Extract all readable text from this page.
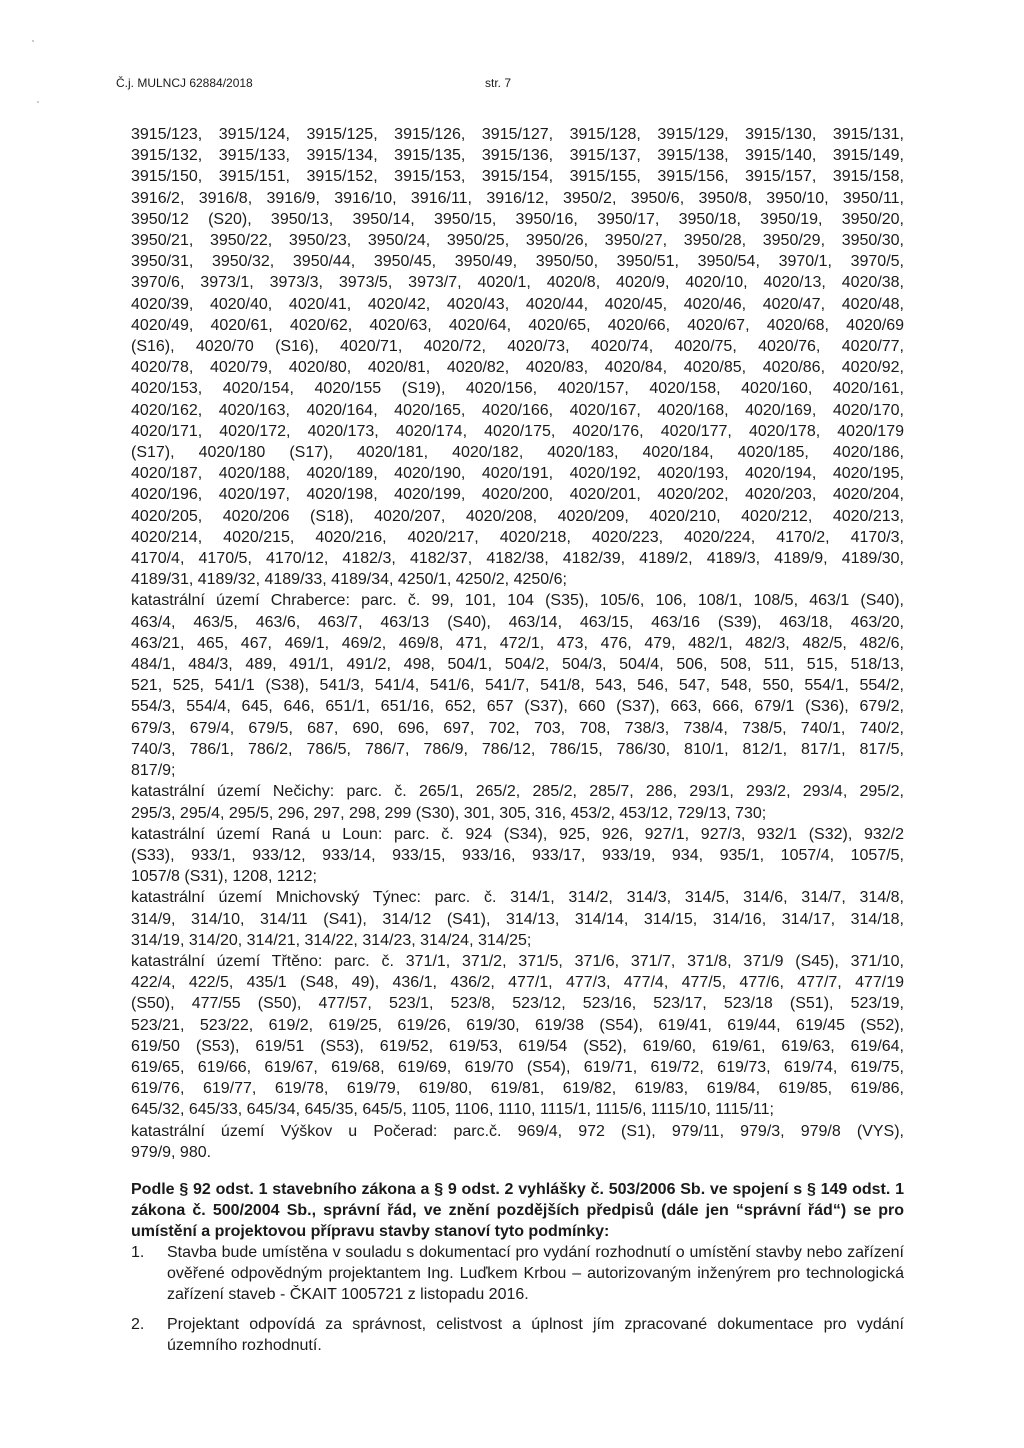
Č.j. MULNCJ 62884/2018	str. 7
3915/123, 3915/124, 3915/125, 3915/126, 3915/127, 3915/128, 3915/129, 3915/130, 3915/131,
3915/132, 3915/133, 3915/134, 3915/135, 3915/136, 3915/137, 3915/138, 3915/140, 3915/149,
3915/150, 3915/151, 3915/152, 3915/153, 3915/154, 3915/155, 3915/156, 3915/157, 3915/158,
3916/2, 3916/8, 3916/9, 3916/10, 3916/11, 3916/12, 3950/2, 3950/6, 3950/8, 3950/10, 3950/11,
3950/12 (S20), 3950/13, 3950/14, 3950/15, 3950/16, 3950/17, 3950/18, 3950/19, 3950/20,
3950/21, 3950/22, 3950/23, 3950/24, 3950/25, 3950/26, 3950/27, 3950/28, 3950/29, 3950/30,
3950/31, 3950/32, 3950/44, 3950/45, 3950/49, 3950/50, 3950/51, 3950/54, 3970/1, 3970/5,
3970/6, 3973/1, 3973/3, 3973/5, 3973/7, 4020/1, 4020/8, 4020/9, 4020/10, 4020/13, 4020/38,
4020/39, 4020/40, 4020/41, 4020/42, 4020/43, 4020/44, 4020/45, 4020/46, 4020/47, 4020/48,
4020/49, 4020/61, 4020/62, 4020/63, 4020/64, 4020/65, 4020/66, 4020/67, 4020/68, 4020/69
(S16), 4020/70 (S16), 4020/71, 4020/72, 4020/73, 4020/74, 4020/75, 4020/76, 4020/77,
4020/78, 4020/79, 4020/80, 4020/81, 4020/82, 4020/83, 4020/84, 4020/85, 4020/86, 4020/92,
4020/153, 4020/154, 4020/155 (S19), 4020/156, 4020/157, 4020/158, 4020/160, 4020/161,
4020/162, 4020/163, 4020/164, 4020/165, 4020/166, 4020/167, 4020/168, 4020/169, 4020/170,
4020/171, 4020/172, 4020/173, 4020/174, 4020/175, 4020/176, 4020/177, 4020/178, 4020/179
(S17), 4020/180 (S17), 4020/181, 4020/182, 4020/183, 4020/184, 4020/185, 4020/186,
4020/187, 4020/188, 4020/189, 4020/190, 4020/191, 4020/192, 4020/193, 4020/194, 4020/195,
4020/196, 4020/197, 4020/198, 4020/199, 4020/200, 4020/201, 4020/202, 4020/203, 4020/204,
4020/205, 4020/206 (S18), 4020/207, 4020/208, 4020/209, 4020/210, 4020/212, 4020/213,
4020/214, 4020/215, 4020/216, 4020/217, 4020/218, 4020/223, 4020/224, 4170/2, 4170/3,
4170/4, 4170/5, 4170/12, 4182/3, 4182/37, 4182/38, 4182/39, 4189/2, 4189/3, 4189/9, 4189/30,
4189/31, 4189/32, 4189/33, 4189/34, 4250/1, 4250/2, 4250/6;
katastrální území Chraberce: parc. č. 99, 101, 104 (S35), 105/6, 106, 108/1, 108/5, 463/1 (S40),
463/4, 463/5, 463/6, 463/7, 463/13 (S40), 463/14, 463/15, 463/16 (S39), 463/18, 463/20,
463/21, 465, 467, 469/1, 469/2, 469/8, 471, 472/1, 473, 476, 479, 482/1, 482/3, 482/5, 482/6,
484/1, 484/3, 489, 491/1, 491/2, 498, 504/1, 504/2, 504/3, 504/4, 506, 508, 511, 515, 518/13,
521, 525, 541/1 (S38), 541/3, 541/4, 541/6, 541/7, 541/8, 543, 546, 547, 548, 550, 554/1, 554/2,
554/3, 554/4, 645, 646, 651/1, 651/16, 652, 657 (S37), 660 (S37), 663, 666, 679/1 (S36), 679/2,
679/3, 679/4, 679/5, 687, 690, 696, 697, 702, 703, 708, 738/3, 738/4, 738/5, 740/1, 740/2,
740/3, 786/1, 786/2, 786/5, 786/7, 786/9, 786/12, 786/15, 786/30, 810/1, 812/1, 817/1, 817/5,
817/9;
katastrální území Nečichy: parc. č. 265/1, 265/2, 285/2, 285/7, 286, 293/1, 293/2, 293/4, 295/2,
295/3, 295/4, 295/5, 296, 297, 298, 299 (S30), 301, 305, 316, 453/2, 453/12, 729/13, 730;
katastrální území Raná u Loun: parc. č. 924 (S34), 925, 926, 927/1, 927/3, 932/1 (S32), 932/2
(S33), 933/1, 933/12, 933/14, 933/15, 933/16, 933/17, 933/19, 934, 935/1, 1057/4, 1057/5,
1057/8 (S31), 1208, 1212;
katastrální území Mnichovský Týnec: parc. č. 314/1, 314/2, 314/3, 314/5, 314/6, 314/7, 314/8,
314/9, 314/10, 314/11 (S41), 314/12 (S41), 314/13, 314/14, 314/15, 314/16, 314/17, 314/18,
314/19, 314/20, 314/21, 314/22, 314/23, 314/24, 314/25;
katastrální území Třtěno: parc. č. 371/1, 371/2, 371/5, 371/6, 371/7, 371/8, 371/9 (S45), 371/10,
422/4, 422/5, 435/1 (S48, 49), 436/1, 436/2, 477/1, 477/3, 477/4, 477/5, 477/6, 477/7, 477/19
(S50), 477/55 (S50), 477/57, 523/1, 523/8, 523/12, 523/16, 523/17, 523/18 (S51), 523/19,
523/21, 523/22, 619/2, 619/25, 619/26, 619/30, 619/38 (S54), 619/41, 619/44, 619/45 (S52),
619/50 (S53), 619/51 (S53), 619/52, 619/53, 619/54 (S52), 619/60, 619/61, 619/63, 619/64,
619/65, 619/66, 619/67, 619/68, 619/69, 619/70 (S54), 619/71, 619/72, 619/73, 619/74, 619/75,
619/76, 619/77, 619/78, 619/79, 619/80, 619/81, 619/82, 619/83, 619/84, 619/85, 619/86,
645/32, 645/33, 645/34, 645/35, 645/5, 1105, 1106, 1110, 1115/1, 1115/6, 1115/10, 1115/11;
katastrální území Výškov u Počerad: parc.č. 969/4, 972 (S1), 979/11, 979/3, 979/8 (VYS),
979/9, 980.
Podle § 92 odst. 1 stavebního zákona a § 9 odst. 2 vyhlášky č. 503/2006 Sb. ve spojení s § 149 odst. 1 zákona č. 500/2004 Sb., správní řád, ve znění pozdějších předpisů (dále jen “správní řád“) se pro umístění a projektovou přípravu stavby stanoví tyto podmínky:
1. Stavba bude umístěna v souladu s dokumentací pro vydání rozhodnutí o umístění stavby nebo zařízení ověřené odpovědným projektantem Ing. Luďkem Krbou – autorizovaným inženýrem pro technologická zařízení staveb - ČKAIT 1005721 z listopadu 2016.
2. Projektant odpovídá za správnost, celistvost a úplnost jím zpracované dokumentace pro vydání územního rozhodnutí.
